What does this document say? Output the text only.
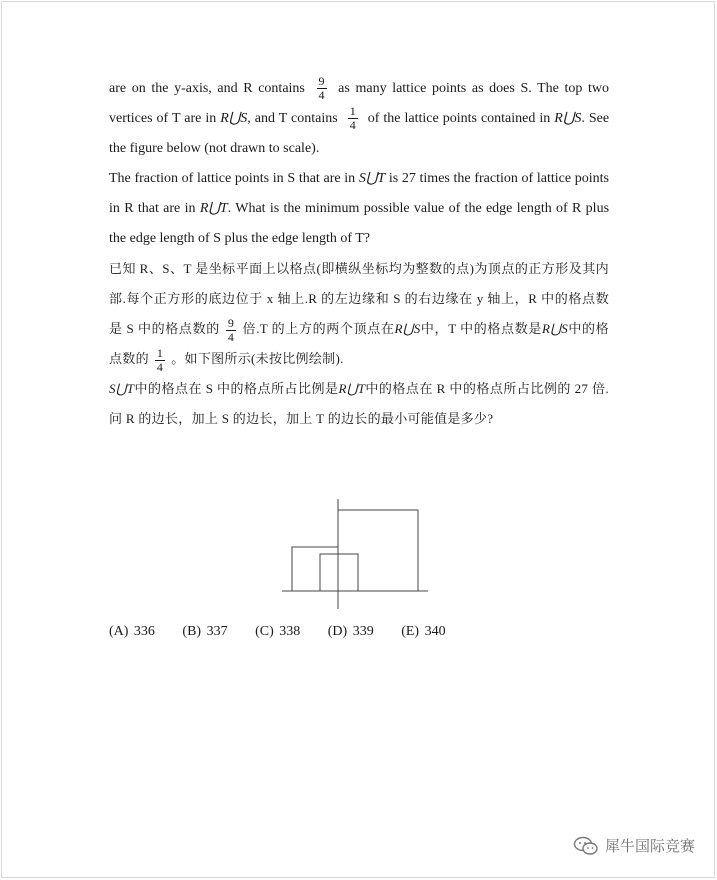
are on the y-axis, and R contains $\frac{9}{4}$ as many lattice points as does S. The top two vertices of T are in R⋃S, and T contains $\frac{1}{4}$ of the lattice points contained in R⋃S. See the figure below (not drawn to scale).

The fraction of lattice points in S that are in S⋃T is 27 times the fraction of lattice points in R that are in R⋃T. What is the minimum possible value of the edge length of R plus the edge length of S plus the edge length of T?

已知 R、S、T 是坐标平面上以格点(即横纵坐标均为整数的点)为顶点的正方形及其内部.每个正方形的底边位于 x 轴上.R 的左边缘和 S 的右边缘在 y 轴上，R 中的格点数是 S 中的格点数的 $\frac{9}{4}$ 倍.T 的上方的两个顶点在R⋃S中，T 中的格点数是R⋃S中的格点数的 $\frac{1}{4}$ 。如下图所示(未按比例绘制).

S⋃T中的格点在 S 中的格点所占比例是R⋃T中的格点在 R 中的格点所占比例的 27 倍.问 R 的边长，加上 S 的边长，加上 T 的边长的最小可能值是多少?

(A) 336     (B) 337     (C) 338     (D) 339     (E) 340
犀牛国际竞赛
